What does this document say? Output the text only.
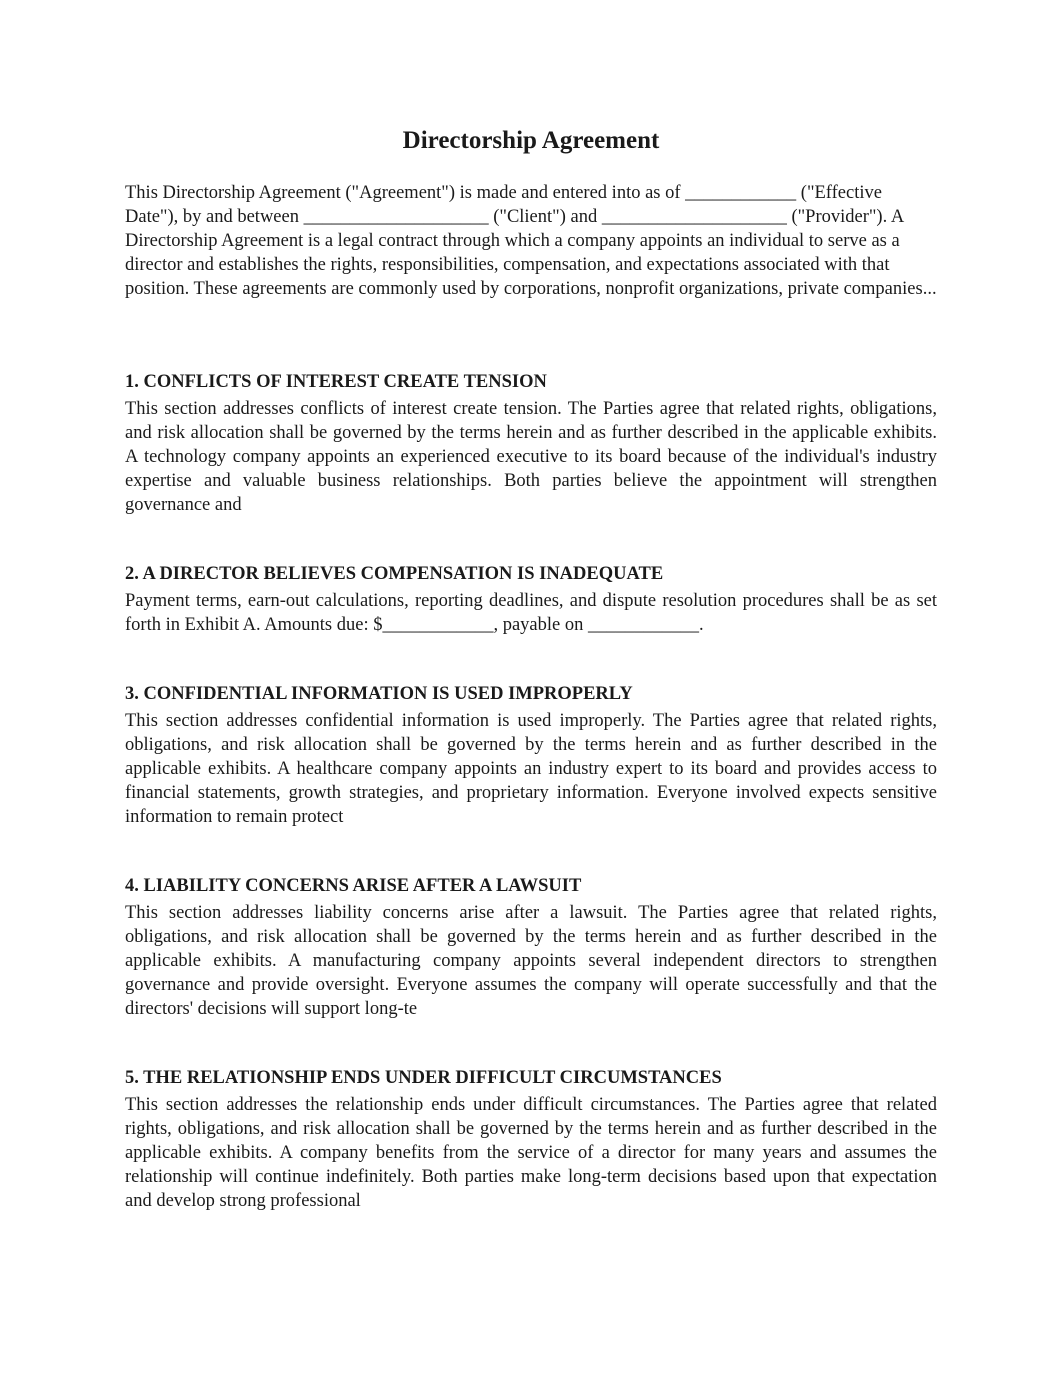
Directorship Agreement

This Directorship Agreement ("Agreement") is made and entered into as of ____________ ("Effective Date"), by and between ____________________ ("Client") and ____________________ ("Provider"). A Directorship Agreement is a legal contract through which a company appoints an individual to serve as a director and establishes the rights, responsibilities, compensation, and expectations associated with that position. These agreements are commonly used by corporations, nonprofit organizations, private companies...

1. CONFLICTS OF INTEREST CREATE TENSION

This section addresses conflicts of interest create tension. The Parties agree that related rights, obligations, and risk allocation shall be governed by the terms herein and as further described in the applicable exhibits. A technology company appoints an experienced executive to its board because of the individual's industry expertise and valuable business relationships. Both parties believe the appointment will strengthen governance and

2. A DIRECTOR BELIEVES COMPENSATION IS INADEQUATE

Payment terms, earn-out calculations, reporting deadlines, and dispute resolution procedures shall be as set forth in Exhibit A. Amounts due: $____________, payable on ____________.

3. CONFIDENTIAL INFORMATION IS USED IMPROPERLY

This section addresses confidential information is used improperly. The Parties agree that related rights, obligations, and risk allocation shall be governed by the terms herein and as further described in the applicable exhibits. A healthcare company appoints an industry expert to its board and provides access to financial statements, growth strategies, and proprietary information. Everyone involved expects sensitive information to remain protect

4. LIABILITY CONCERNS ARISE AFTER A LAWSUIT

This section addresses liability concerns arise after a lawsuit. The Parties agree that related rights, obligations, and risk allocation shall be governed by the terms herein and as further described in the applicable exhibits. A manufacturing company appoints several independent directors to strengthen governance and provide oversight. Everyone assumes the company will operate successfully and that the directors' decisions will support long-te

5. THE RELATIONSHIP ENDS UNDER DIFFICULT CIRCUMSTANCES

This section addresses the relationship ends under difficult circumstances. The Parties agree that related rights, obligations, and risk allocation shall be governed by the terms herein and as further described in the applicable exhibits. A company benefits from the service of a director for many years and assumes the relationship will continue indefinitely. Both parties make long-term decisions based upon that expectation and develop strong professional
